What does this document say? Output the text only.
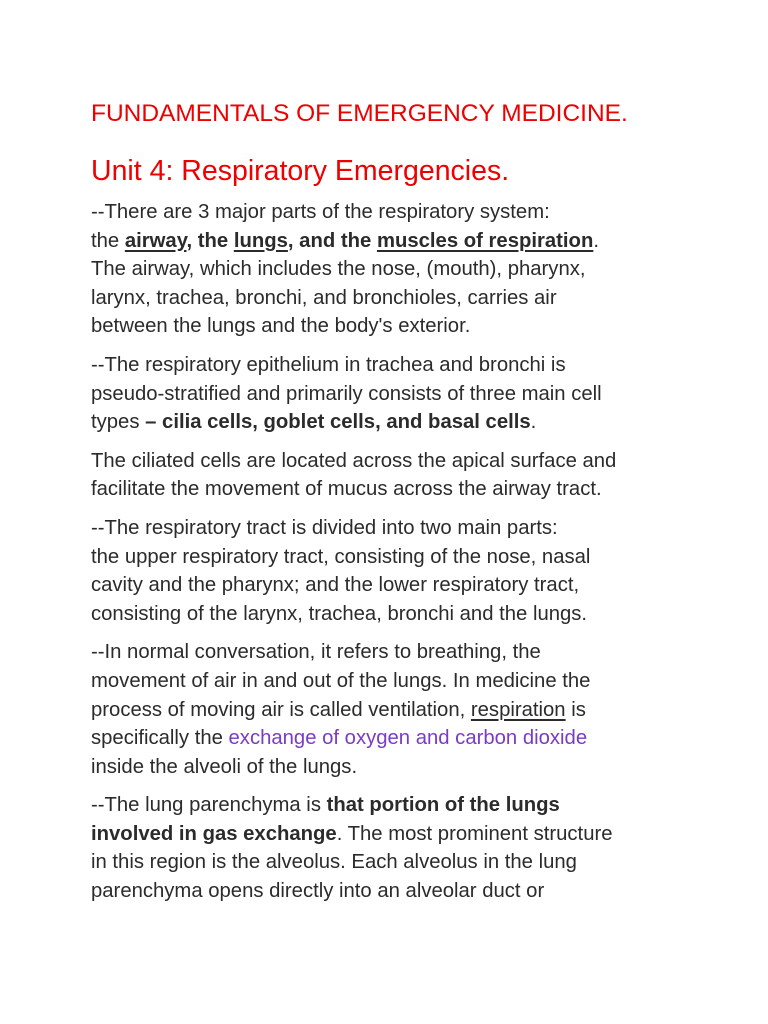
FUNDAMENTALS OF EMERGENCY MEDICINE.
Unit 4: Respiratory Emergencies.

--There are 3 major parts of the respiratory system:
the airway, the lungs, and the muscles of respiration.
The airway, which includes the nose, (mouth), pharynx,
larynx, trachea, bronchi, and bronchioles, carries air
between the lungs and the body's exterior.

--The respiratory epithelium in trachea and bronchi is
pseudo-stratified and primarily consists of three main cell
types – cilia cells, goblet cells, and basal cells.

The ciliated cells are located across the apical surface and
facilitate the movement of mucus across the airway tract.

--The respiratory tract is divided into two main parts:
the upper respiratory tract, consisting of the nose, nasal
cavity and the pharynx; and the lower respiratory tract,
consisting of the larynx, trachea, bronchi and the lungs.

--In normal conversation, it refers to breathing, the
movement of air in and out of the lungs. In medicine the
process of moving air is called ventilation, respiration is
specifically the exchange of oxygen and carbon dioxide
inside the alveoli of the lungs.

--The lung parenchyma is that portion of the lungs
involved in gas exchange. The most prominent structure
in this region is the alveolus. Each alveolus in the lung
parenchyma opens directly into an alveolar duct or
